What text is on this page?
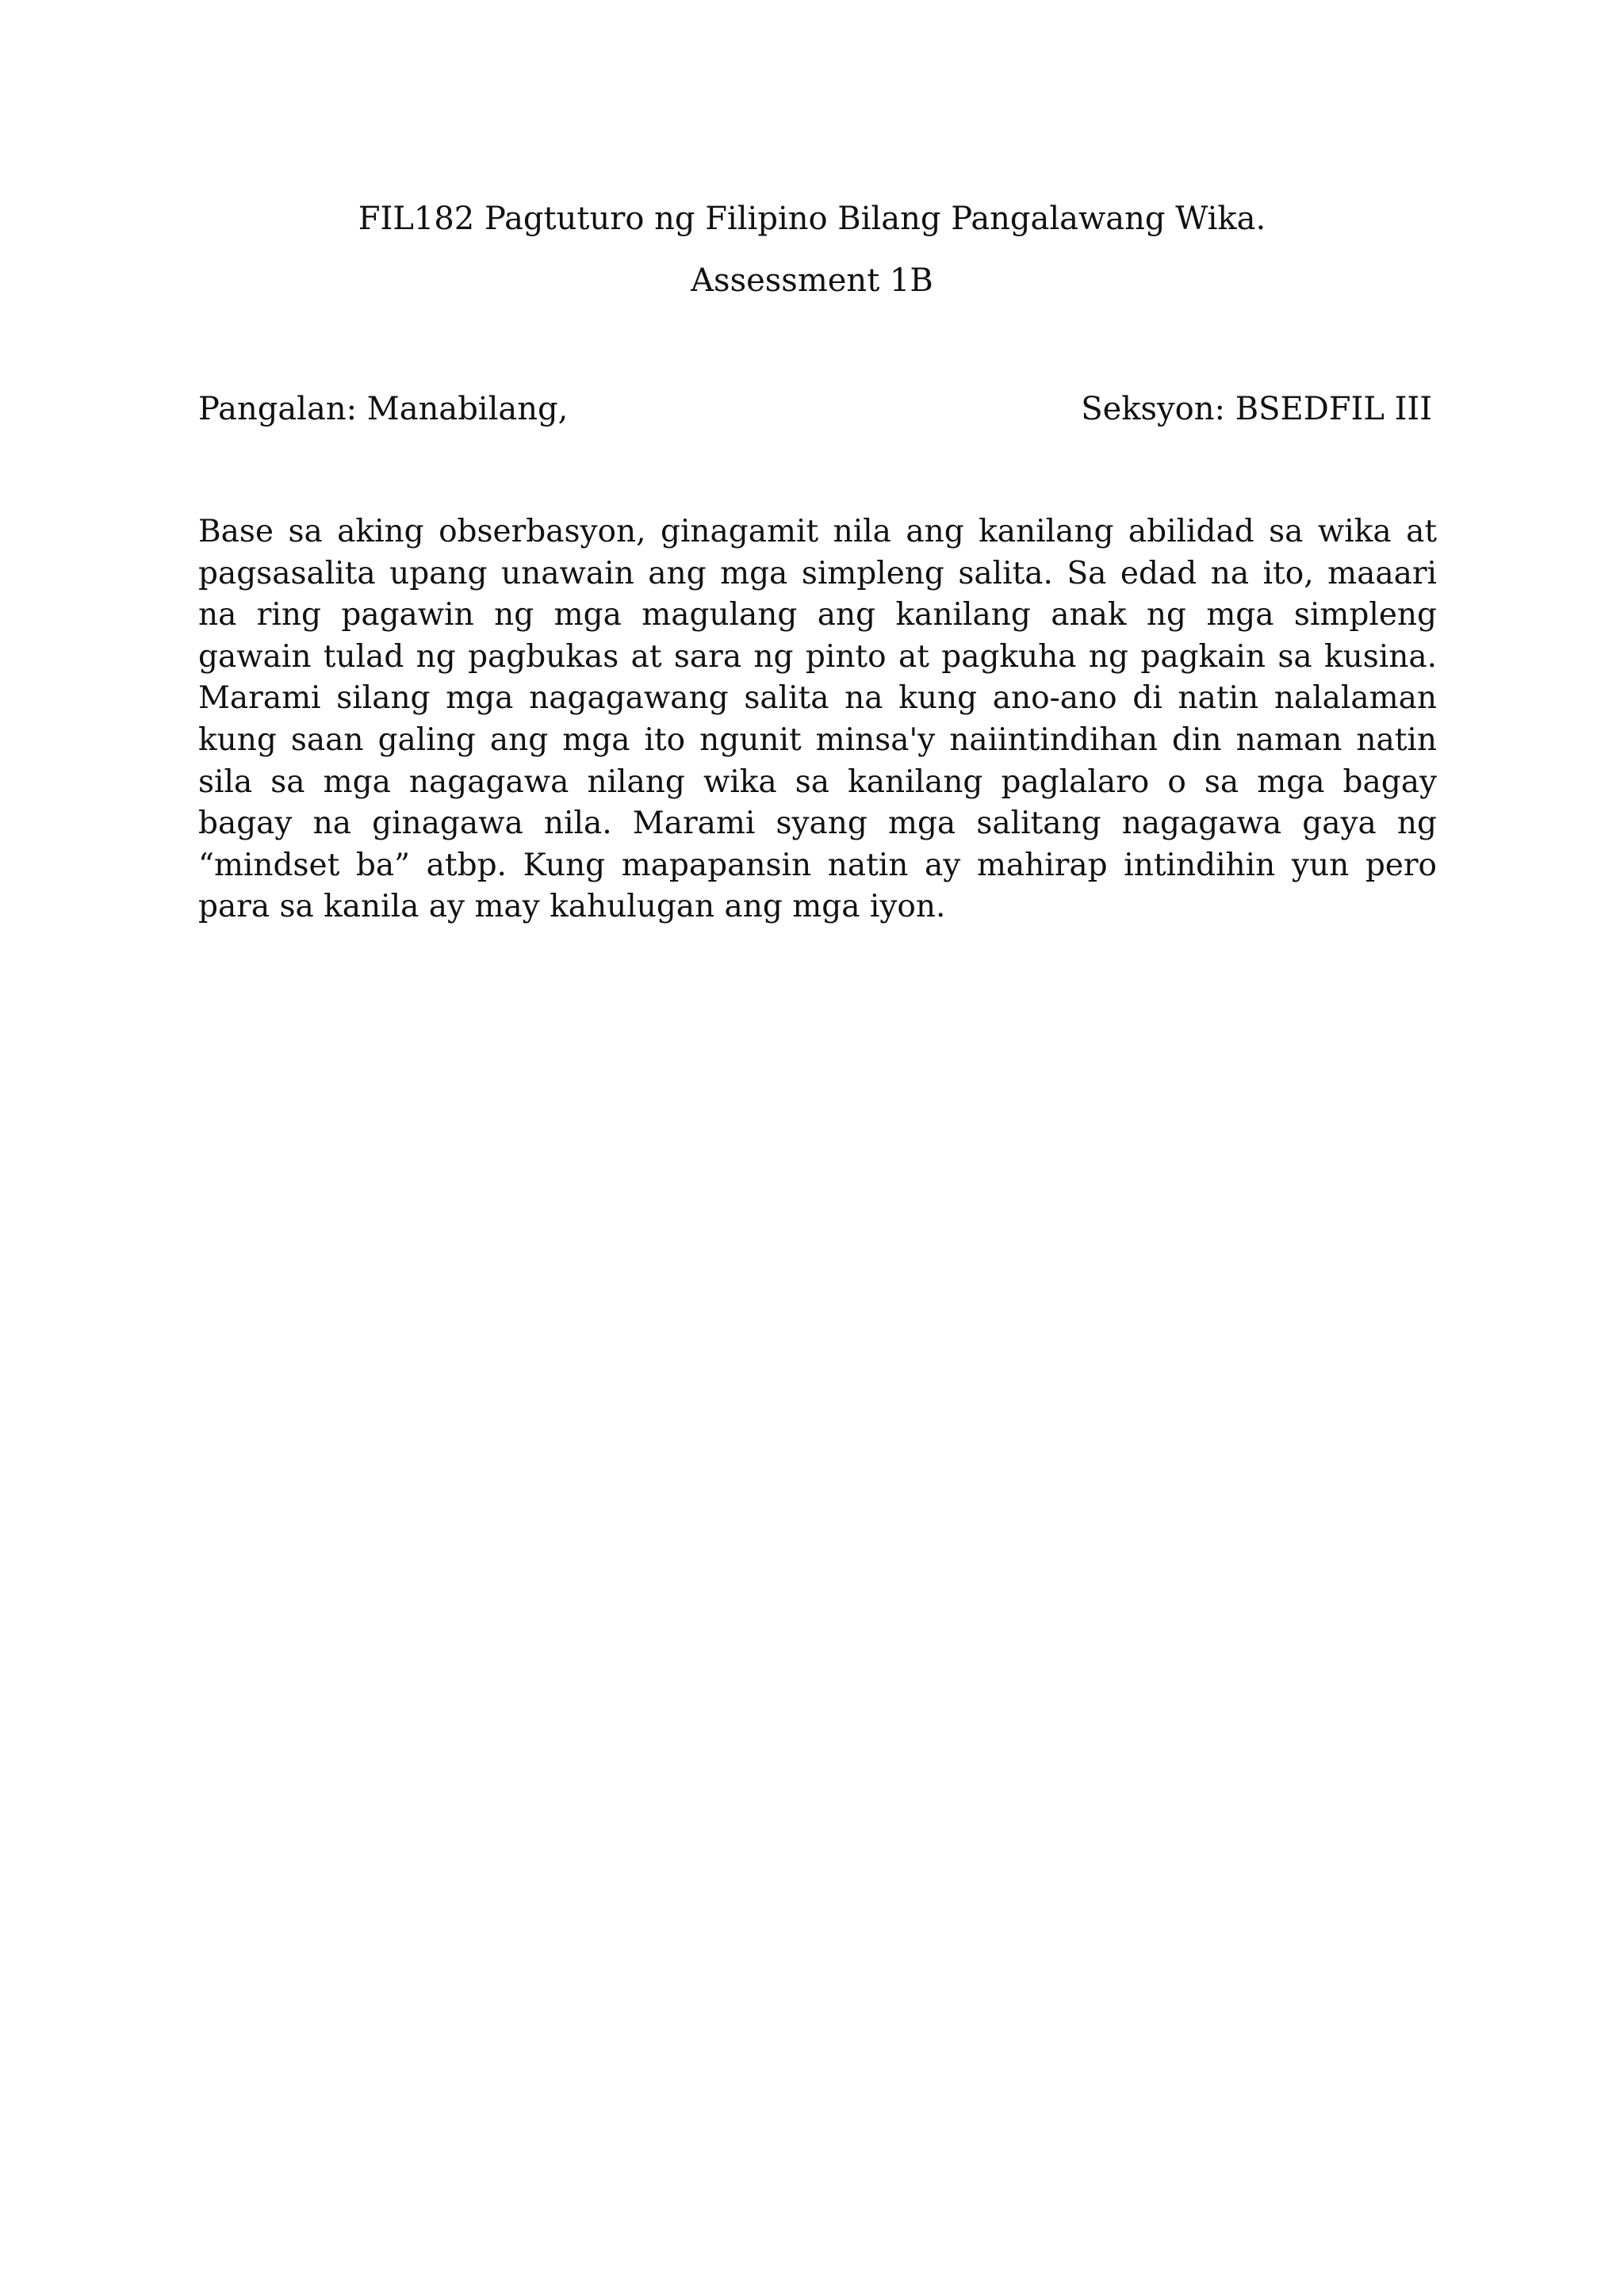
FIL182 Pagtuturo ng Filipino Bilang Pangalawang Wika.
Assessment 1B
Pangalan: Manabilang,	Seksyon: BSEDFIL III

Base sa aking obserbasyon, ginagamit nila ang kanilang abilidad sa wika at pagsasalita upang unawain ang mga simpleng salita. Sa edad na ito, maaari na ring pagawin ng mga magulang ang kanilang anak ng mga simpleng gawain tulad ng pagbukas at sara ng pinto at pagkuha ng pagkain sa kusina. Marami silang mga nagagawang salita na kung ano-ano di natin nalalaman kung saan galing ang mga ito ngunit minsa'y naiintindihan din naman natin sila sa mga nagagawa nilang wika sa kanilang paglalaro o sa mga bagay bagay na ginagawa nila. Marami syang mga salitang nagagawa gaya ng “mindset ba” atbp. Kung mapapansin natin ay mahirap intindihin yun pero para sa kanila ay may kahulugan ang mga iyon.
